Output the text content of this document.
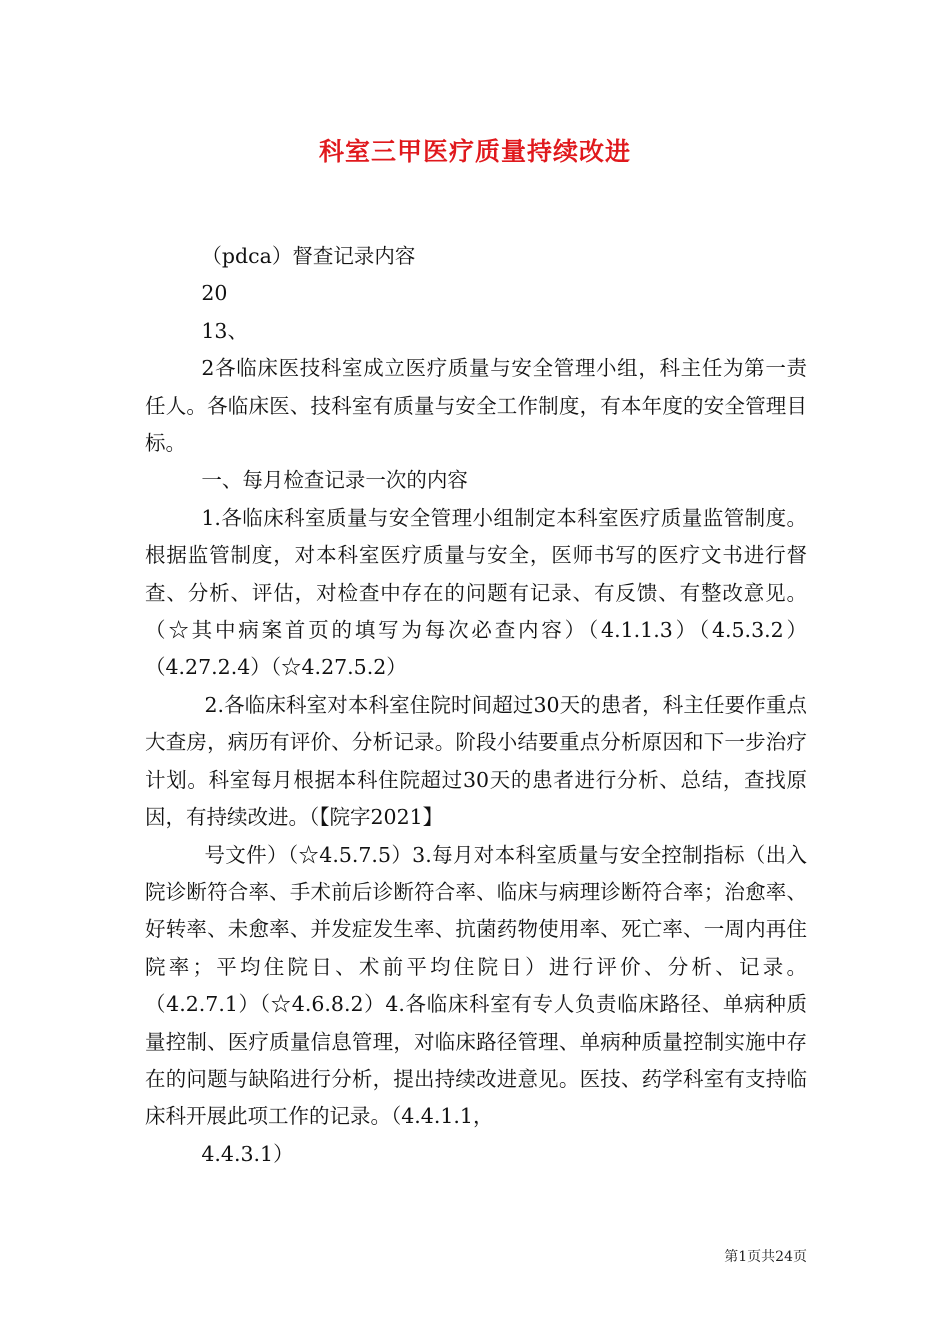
科室三甲医疗质量持续改进

（pdca）督查记录内容

20

13、

2各临床医技科室成立医疗质量与安全管理小组，科主任为第一责任人。各临床医、技科室有质量与安全工作制度，有本年度的安全管理目标。

一、每月检查记录一次的内容

1.各临床科室质量与安全管理小组制定本科室医疗质量监管制度。根据监管制度，对本科室医疗质量与安全，医师书写的医疗文书进行督查、分析、评估，对检查中存在的问题有记录、有反馈、有整改意见。（☆其中病案首页的填写为每次必查内容）（4.1.1.3）（4.5.3.2）（4.27.2.4）（☆4.27.5.2）

2.各临床科室对本科室住院时间超过30天的患者，科主任要作重点大查房，病历有评价、分析记录。阶段小结要重点分析原因和下一步治疗计划。科室每月根据本科住院超过30天的患者进行分析、总结，查找原因，有持续改进。（【院字2021】

号文件）（☆4.5.7.5）3.每月对本科室质量与安全控制指标（出入院诊断符合率、手术前后诊断符合率、临床与病理诊断符合率；治愈率、好转率、未愈率、并发症发生率、抗菌药物使用率、死亡率、一周内再住院率；平均住院日、术前平均住院日）进行评价、分析、记录。（4.2.7.1）（☆4.6.8.2）4.各临床科室有专人负责临床路径、单病种质量控制、医疗质量信息管理，对临床路径管理、单病种质量控制实施中存在的问题与缺陷进行分析，提出持续改进意见。医技、药学科室有支持临床科开展此项工作的记录。（4.4.1.1，

4.4.3.1）

第1页共24页
